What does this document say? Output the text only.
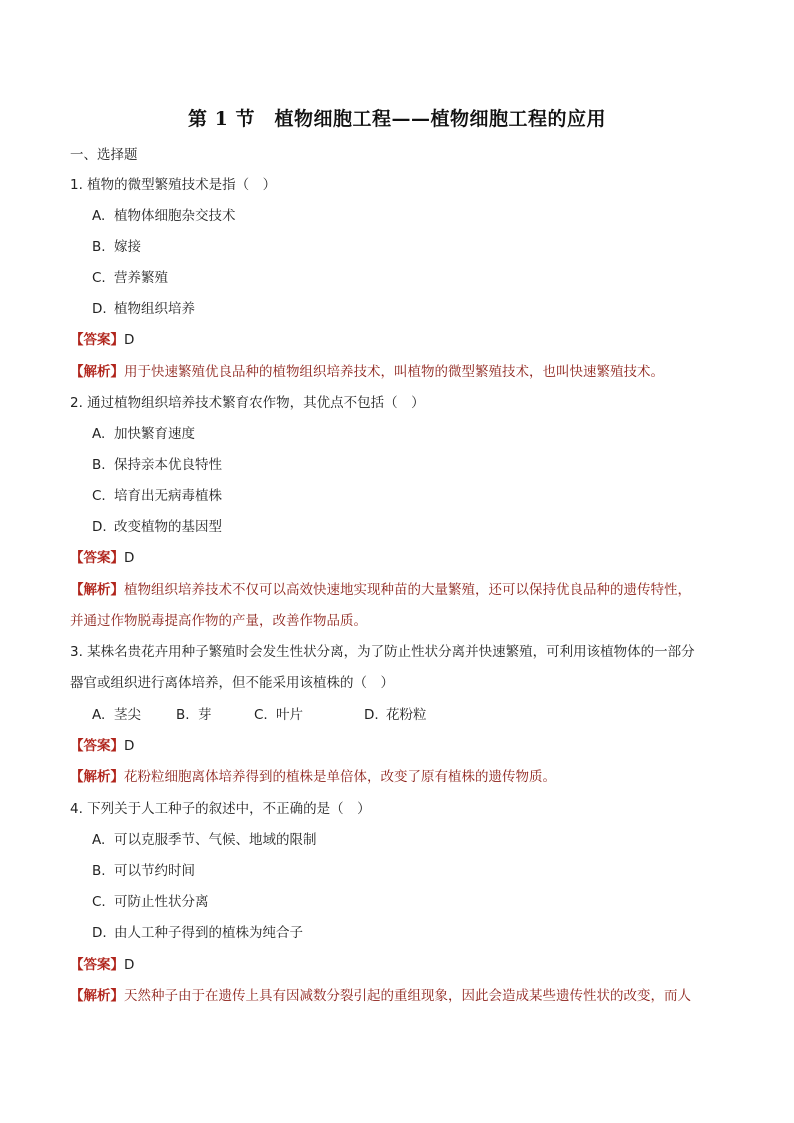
第 1 节　植物细胞工程——植物细胞工程的应用
一、选择题
1. 植物的微型繁殖技术是指（　）
A. 植物体细胞杂交技术
B. 嫁接
C. 营养繁殖
D. 植物组织培养
【答案】D
【解析】用于快速繁殖优良品种的植物组织培养技术，叫植物的微型繁殖技术，也叫快速繁殖技术。
2. 通过植物组织培养技术繁育农作物，其优点不包括（　）
A. 加快繁育速度
B. 保持亲本优良特性
C. 培育出无病毒植株
D. 改变植物的基因型
【答案】D
【解析】植物组织培养技术不仅可以高效快速地实现种苗的大量繁殖，还可以保持优良品种的遗传特性，
并通过作物脱毒提高作物的产量，改善作物品质。
3. 某株名贵花卉用种子繁殖时会发生性状分离，为了防止性状分离并快速繁殖，可利用该植物体的一部分
器官或组织进行离体培养，但不能采用该植株的（　）
A. 茎尖	B. 芽	C. 叶片	D. 花粉粒
【答案】D
【解析】花粉粒细胞离体培养得到的植株是单倍体，改变了原有植株的遗传物质。
4. 下列关于人工种子的叙述中，不正确的是（　）
A. 可以克服季节、气候、地域的限制
B. 可以节约时间
C. 可防止性状分离
D. 由人工种子得到的植株为纯合子
【答案】D
【解析】天然种子由于在遗传上具有因减数分裂引起的重组现象，因此会造成某些遗传性状的改变，而人
